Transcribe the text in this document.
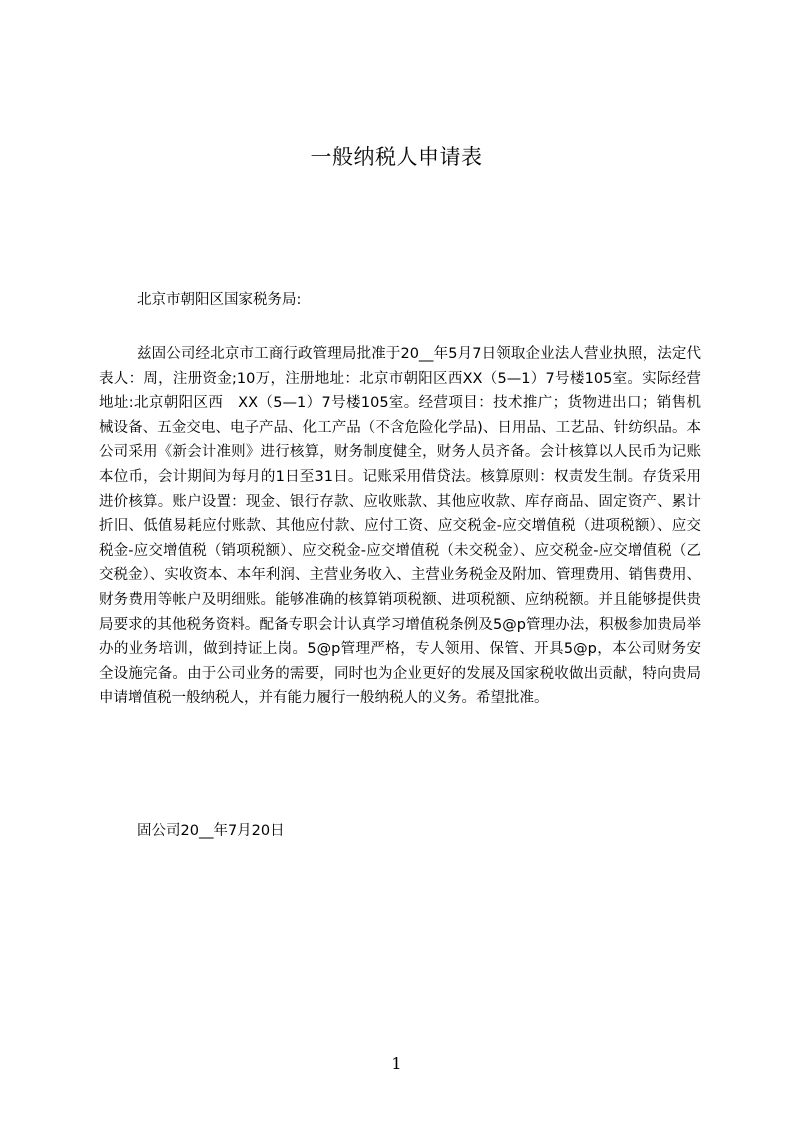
一般纳税人申请表
北京市朝阳区国家税务局:

兹固公司经北京市工商行政管理局批准于20__年5月7日领取企业法人营业执照，法定代表人：周，注册资金;10万，注册地址：北京市朝阳区西XX（5—1）7号楼105室。实际经营地址:北京朝阳区西　XX（5—1）7号楼105室。经营项目：技术推广；货物进出口；销售机械设备、五金交电、电子产品、化工产品（不含危险化学品)、日用品、工艺品、针纺织品。本公司采用《新会计准则》进行核算，财务制度健全，财务人员齐备。会计核算以人民币为记账本位币，会计期间为每月的1日至31日。记账采用借贷法。核算原则：权责发生制。存货采用进价核算。账户设置：现金、银行存款、应收账款、其他应收款、库存商品、固定资产、累计折旧、低值易耗应付账款、其他应付款、应付工资、应交税金-应交增值税（进项税额）、应交税金-应交增值税（销项税额）、应交税金-应交增值税（未交税金）、应交税金-应交增值税（乙交税金）、实收资本、本年利润、主营业务收入、主营业务税金及附加、管理费用、销售费用、财务费用等帐户及明细账。能够准确的核算销项税额、进项税额、应纳税额。并且能够提供贵局要求的其他税务资料。配备专职会计认真学习增值税条例及5@p管理办法，积极参加贵局举办的业务培训，做到持证上岗。5@p管理严格，专人领用、保管、开具5@p，本公司财务安全设施完备。由于公司业务的需要，同时也为企业更好的发展及国家税收做出贡献，特向贵局申请增值税一般纳税人，并有能力履行一般纳税人的义务。希望批准。

固公司20__年7月20日
1
